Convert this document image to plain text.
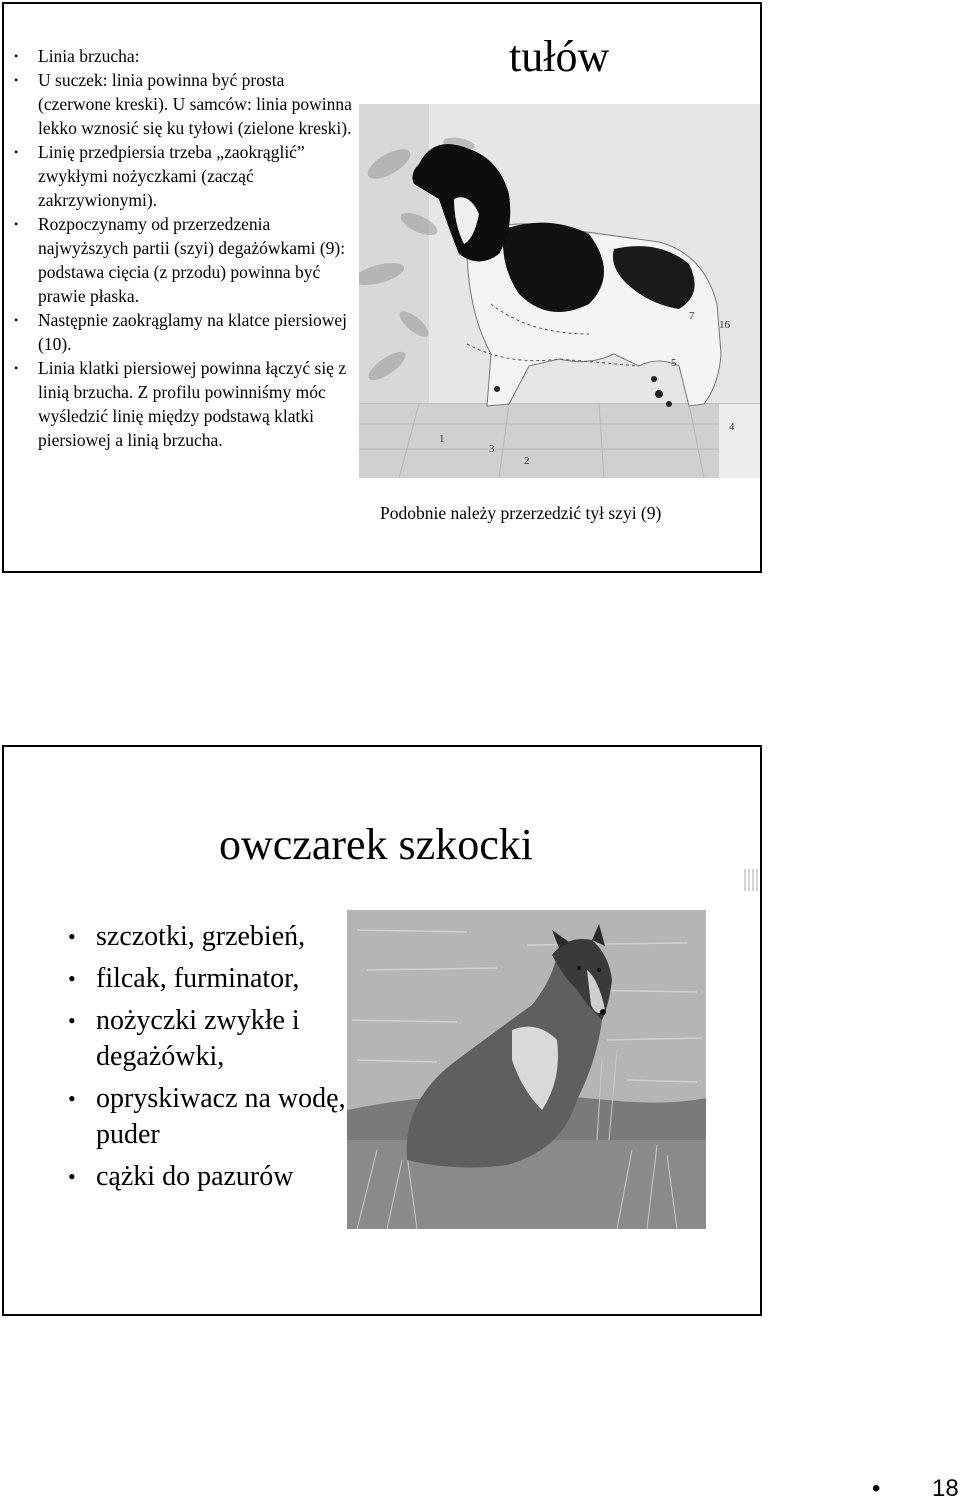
• Linia brzucha:
• U suczek: linia powinna być prosta (czerwone kreski). U samców: linia powinna lekko wznosić się ku tyłowi (zielone kreski).
• Linię przedpiersia trzeba „zaokrąglić” zwykłymi nożyczkami (zacząć zakrzywionymi).
• Rozpoczynamy od przerzedzenia najwyższych partii (szyi) degażówkami (9): podstawa cięcia (z przodu) powinna być prawie płaska.
• Następnie zaokrąglamy na klatce piersiowej (10).
• Linia klatki piersiowej powinna łączyć się z linią brzucha. Z profilu powinniśmy móc wyśledzić linię między podstawą klatki piersiowej a linią brzucha.
tułów
1
2
3
4
5
7
16
Podobnie należy przerzedzić tył szyi (9)
owczarek szkocki
• szczotki, grzebień,
• filcak, furminator,
• nożyczki zwykłe i degażówki,
• opryskiwacz na wodę, puder
• cążki do pazurów
• 18
